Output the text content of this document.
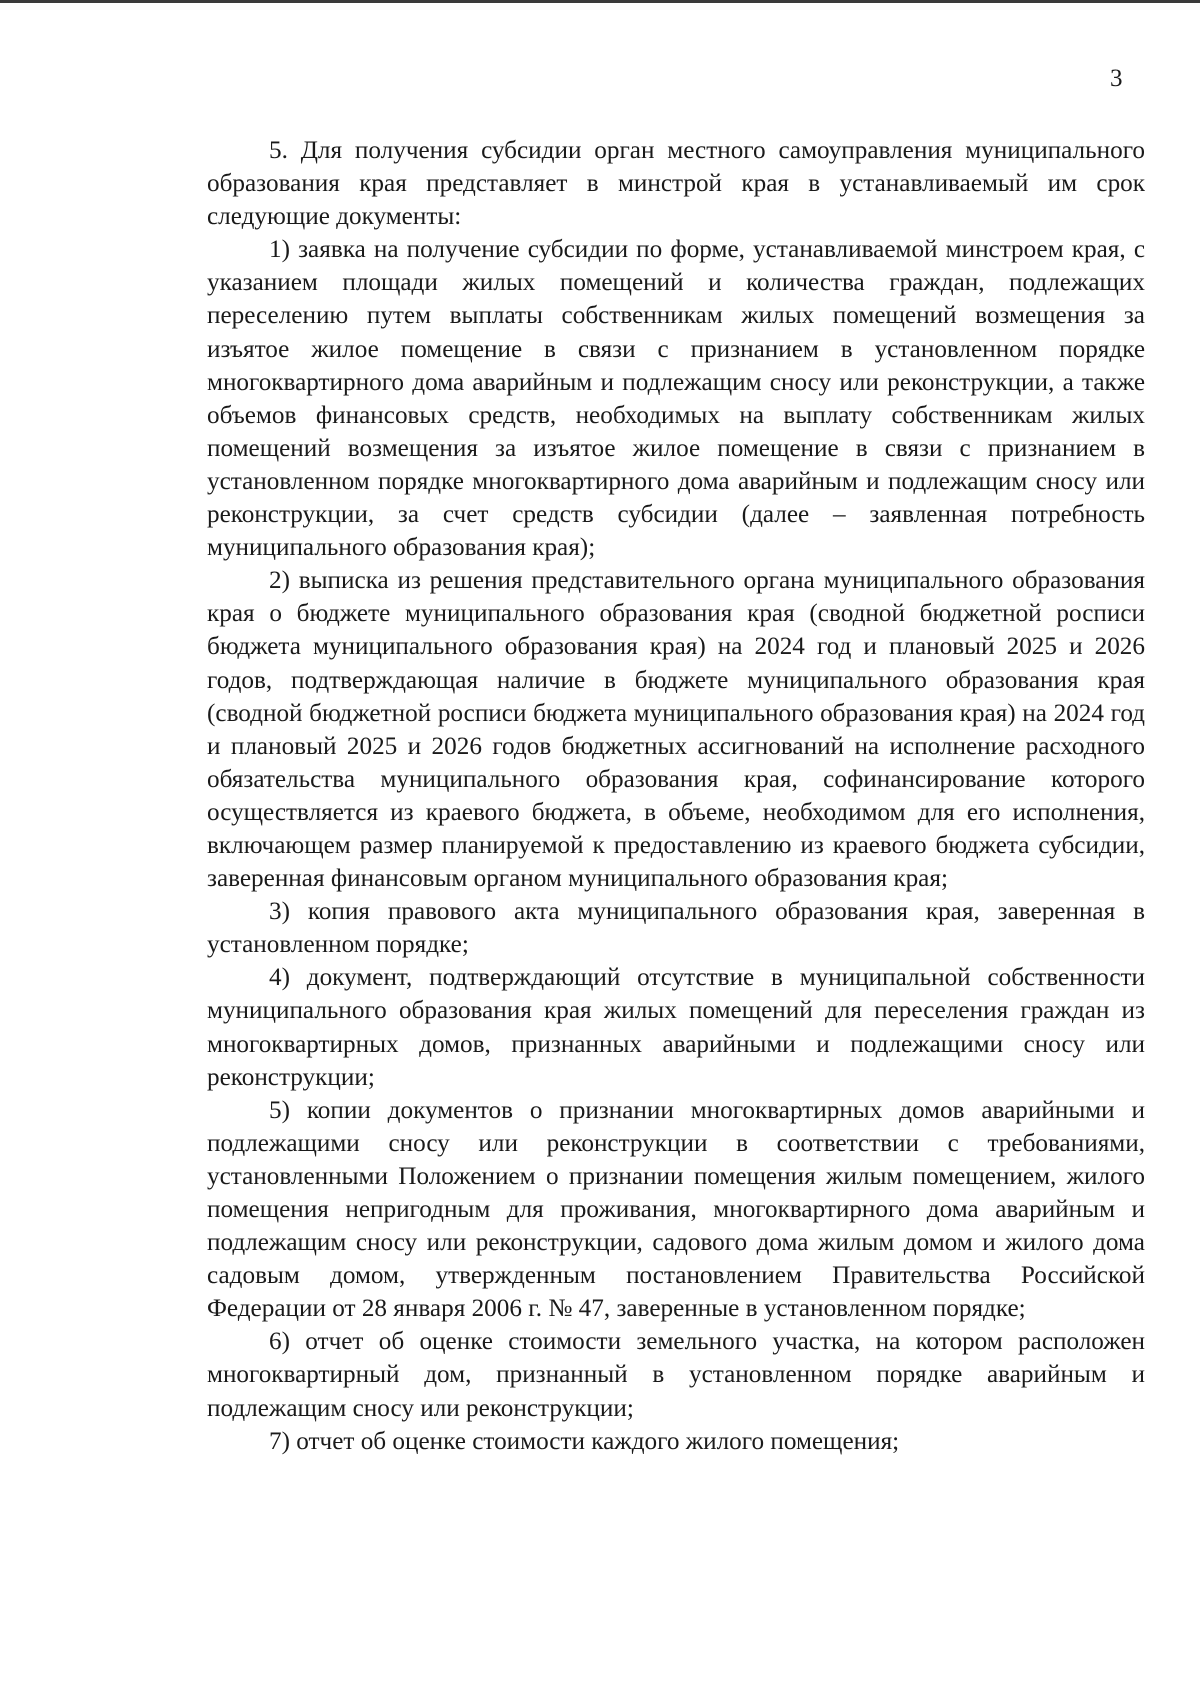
3

5. Для получения субсидии орган местного самоуправления муниципального образования края представляет в минстрой края в устанавливаемый им срок следующие документы:

1) заявка на получение субсидии по форме, устанавливаемой минстроем края, с указанием площади жилых помещений и количества граждан, подлежащих переселению путем выплаты собственникам жилых помещений возмещения за изъятое жилое помещение в связи с признанием в установленном порядке многоквартирного дома аварийным и подлежащим сносу или реконструкции, а также объемов финансовых средств, необходимых на выплату собственникам жилых помещений возмещения за изъятое жилое помещение в связи с признанием в установленном порядке многоквартирного дома аварийным и подлежащим сносу или реконструкции, за счет средств субсидии (далее – заявленная потребность муниципального образования края);

2) выписка из решения представительного органа муниципального образования края о бюджете муниципального образования края (сводной бюджетной росписи бюджета муниципального образования края) на 2024 год и плановый 2025 и 2026 годов, подтверждающая наличие в бюджете муниципального образования края (сводной бюджетной росписи бюджета муниципального образования края) на 2024 год и плановый 2025 и 2026 годов бюджетных ассигнований на исполнение расходного обязательства муниципального образования края, софинансирование которого осуществляется из краевого бюджета, в объеме, необходимом для его исполнения, включающем размер планируемой к предоставлению из краевого бюджета субсидии, заверенная финансовым органом муниципального образования края;

3) копия правового акта муниципального образования края, заверенная в установленном порядке;

4) документ, подтверждающий отсутствие в муниципальной собственности муниципального образования края жилых помещений для переселения граждан из многоквартирных домов, признанных аварийными и подлежащими сносу или реконструкции;

5) копии документов о признании многоквартирных домов аварийными и подлежащими сносу или реконструкции в соответствии с требованиями, установленными Положением о признании помещения жилым помещением, жилого помещения непригодным для проживания, многоквартирного дома аварийным и подлежащим сносу или реконструкции, садового дома жилым домом и жилого дома садовым домом, утвержденным постановлением Правительства Российской Федерации от 28 января 2006 г. № 47, заверенные в установленном порядке;

6) отчет об оценке стоимости земельного участка, на котором расположен многоквартирный дом, признанный в установленном порядке аварийным и подлежащим сносу или реконструкции;

7) отчет об оценке стоимости каждого жилого помещения;
